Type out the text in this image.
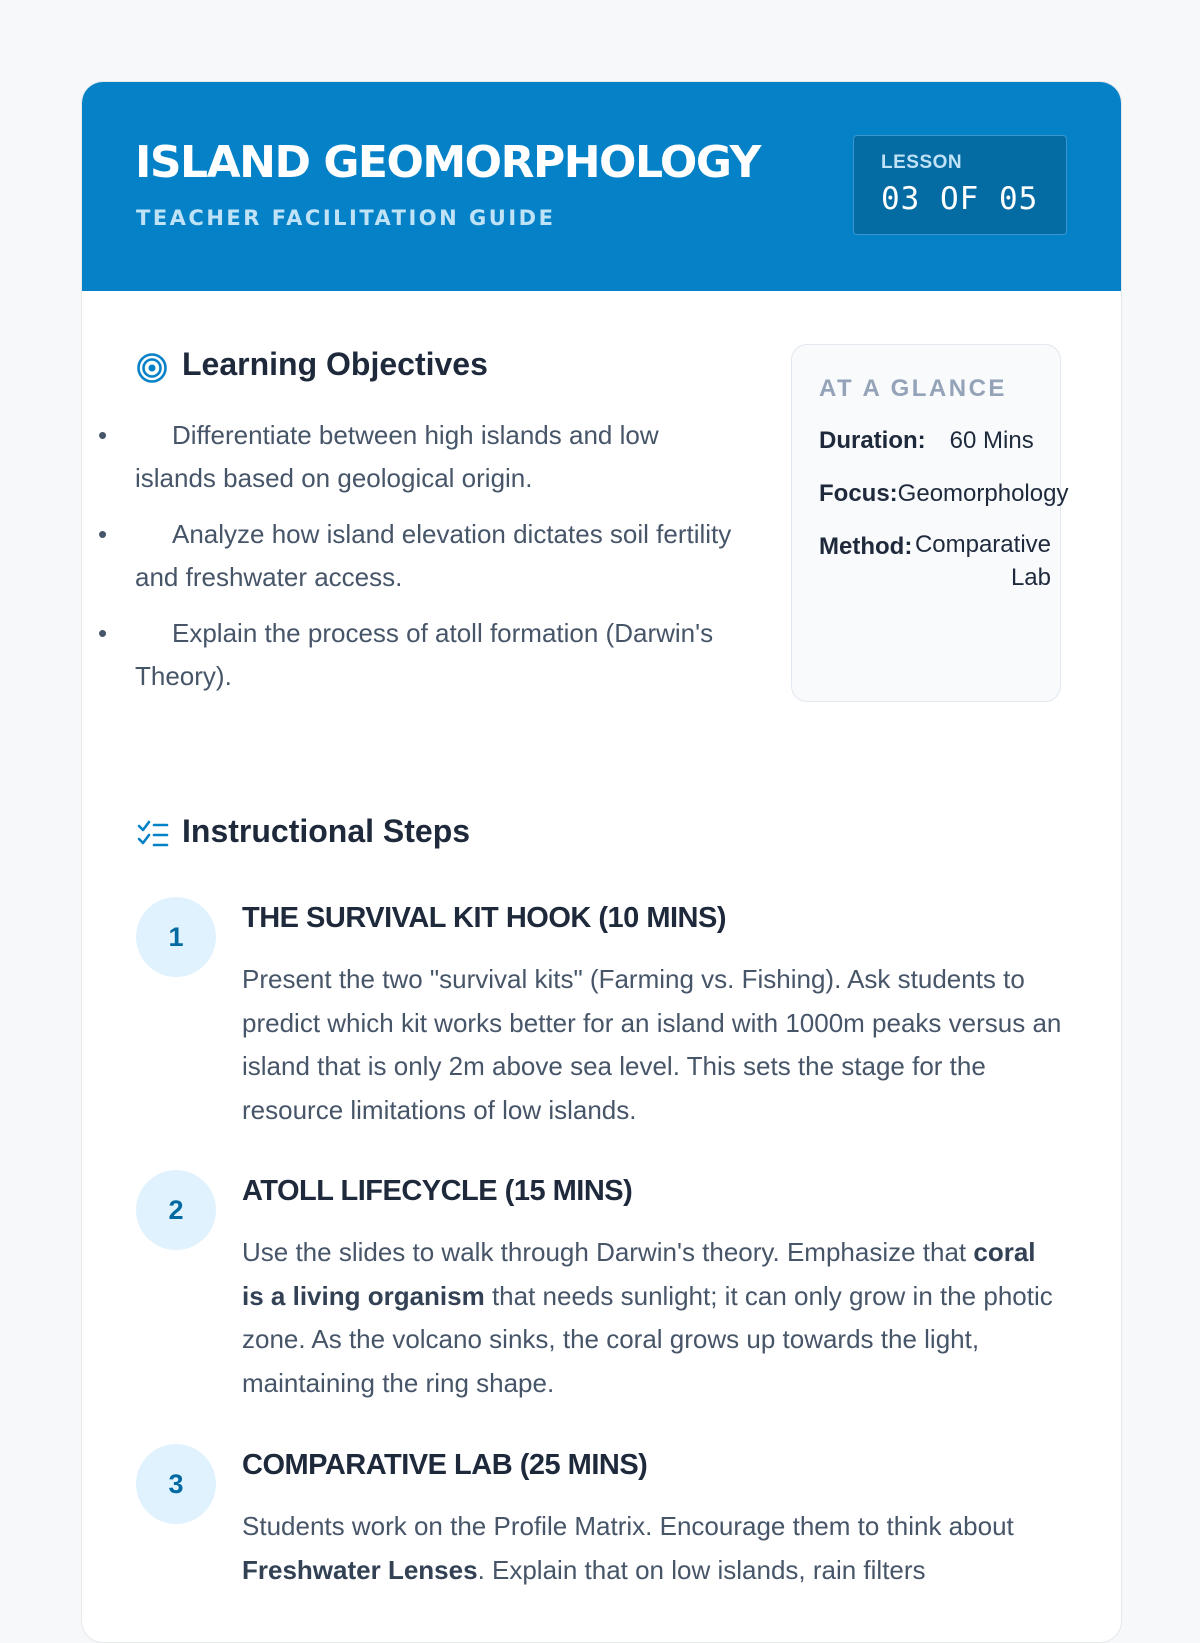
ISLAND GEOMORPHOLOGY
TEACHER FACILITATION GUIDE
LESSON
03 OF 05
Learning Objectives
• Differentiate between high islands and low islands based on geological origin.
• Analyze how island elevation dictates soil fertility and freshwater access.
• Explain the process of atoll formation (Darwin's Theory).
AT A GLANCE
Duration: 60 Mins
Focus:Geomorphology
Method: Comparative Lab
Instructional Steps
1
THE SURVIVAL KIT HOOK (10 MINS)

Present the two "survival kits" (Farming vs. Fishing). Ask students to predict which kit works better for an island with 1000m peaks versus an island that is only 2m above sea level. This sets the stage for the resource limitations of low islands.

2
ATOLL LIFECYCLE (15 MINS)

Use the slides to walk through Darwin's theory. Emphasize that coral is a living organism that needs sunlight; it can only grow in the photic zone. As the volcano sinks, the coral grows up towards the light, maintaining the ring shape.

3
COMPARATIVE LAB (25 MINS)

Students work on the Profile Matrix. Encourage them to think about Freshwater Lenses. Explain that on low islands, rain filters
